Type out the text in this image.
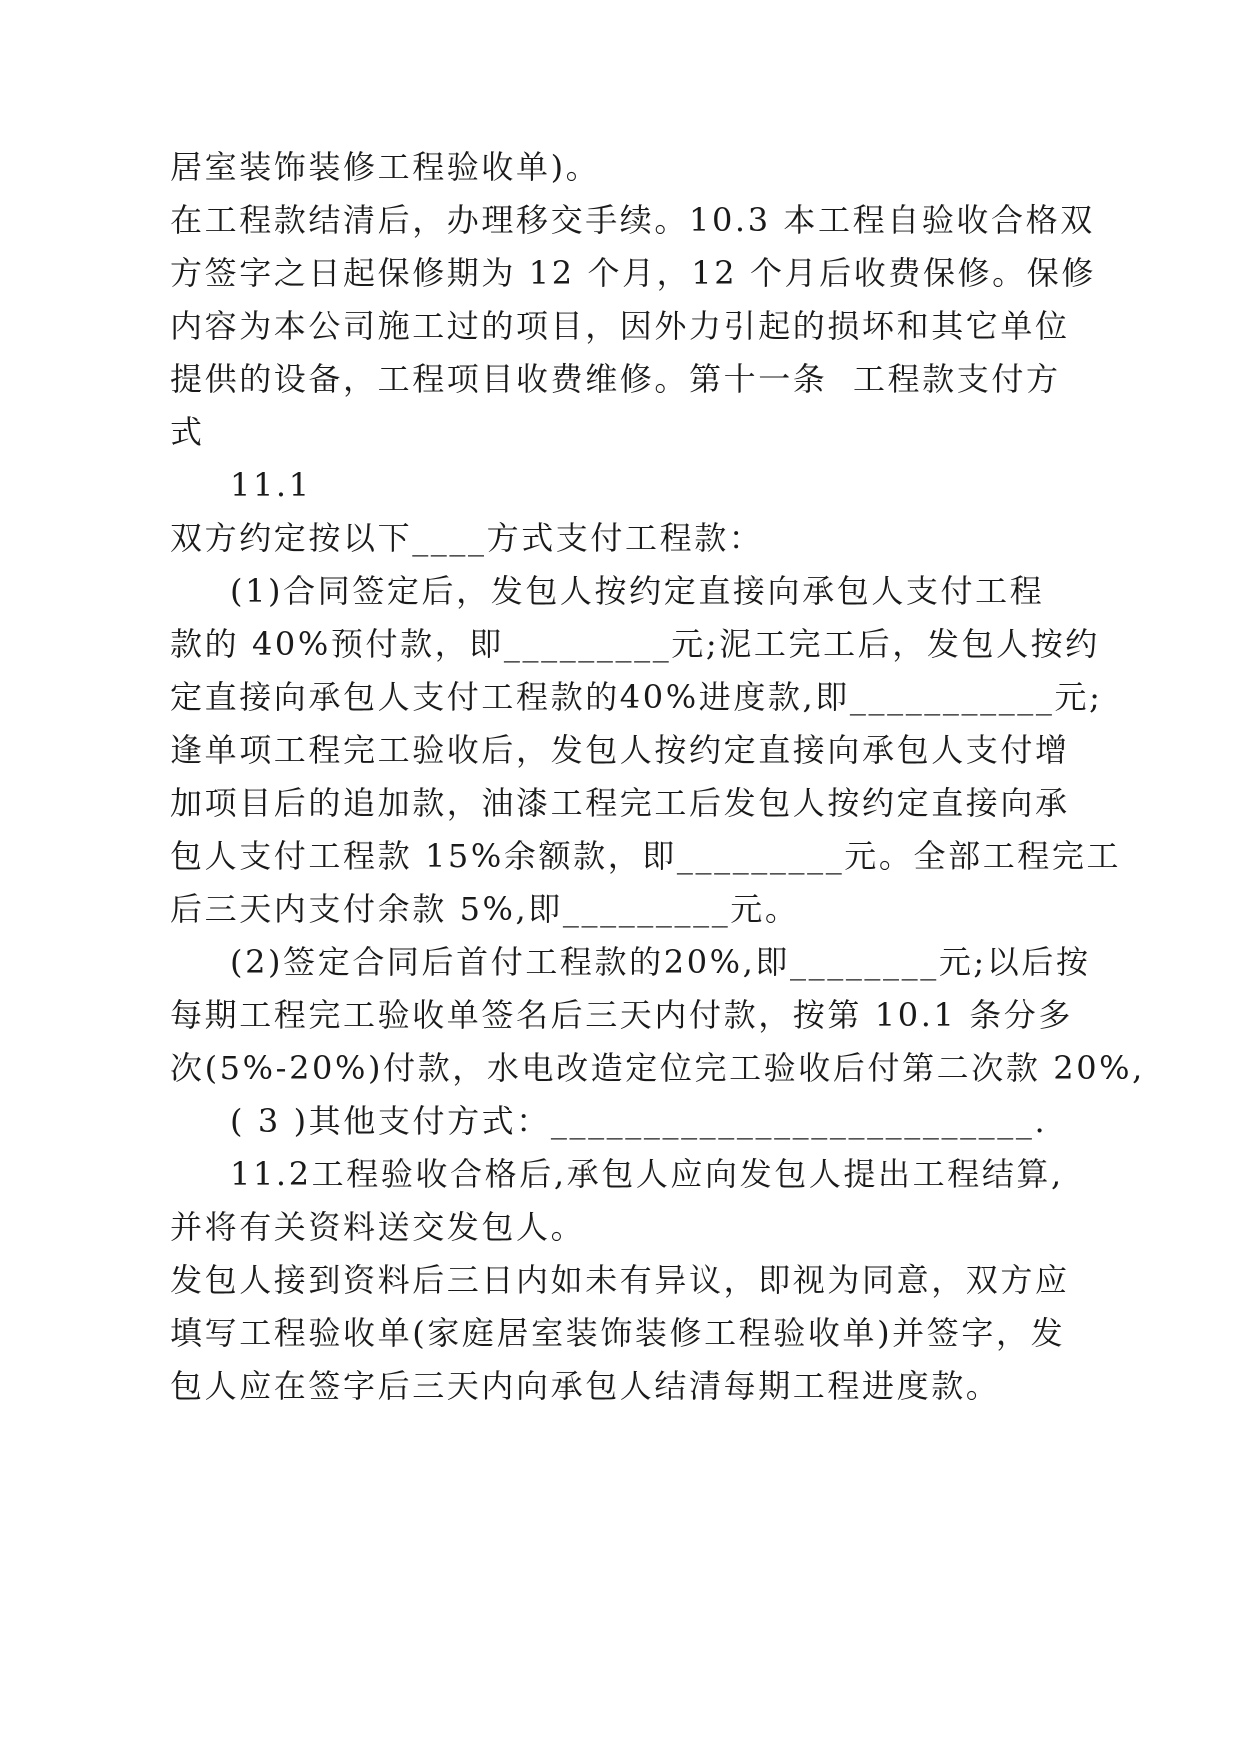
居室装饰装修工程验收单)。
在工程款结清后，办理移交手续。10.3 本工程自验收合格双
方签字之日起保修期为 12 个月，12 个月后收费保修。保修
内容为本公司施工过的项目，因外力引起的损坏和其它单位
提供的设备，工程项目收费维修。第十一条  工程款支付方
式
11.1
双方约定按以下____方式支付工程款：
(1)合同签定后，发包人按约定直接向承包人支付工程
款的 40%预付款，即_________元;泥工完工后，发包人按约
定直接向承包人支付工程款的40%进度款,即___________元;
逢单项工程完工验收后，发包人按约定直接向承包人支付增
加项目后的追加款，油漆工程完工后发包人按约定直接向承
包人支付工程款 15%余额款，即_________元。全部工程完工
后三天内支付余款 5%,即_________元。
(2)签定合同后首付工程款的20%,即________元;以后按
每期工程完工验收单签名后三天内付款，按第 10.1 条分多
次(5%-20%)付款，水电改造定位完工验收后付第二次款 20%,
( 3 )其他支付方式：__________________________.
11.2工程验收合格后,承包人应向发包人提出工程结算,
并将有关资料送交发包人。
发包人接到资料后三日内如未有异议，即视为同意，双方应
填写工程验收单(家庭居室装饰装修工程验收单)并签字，发
包人应在签字后三天内向承包人结清每期工程进度款。
